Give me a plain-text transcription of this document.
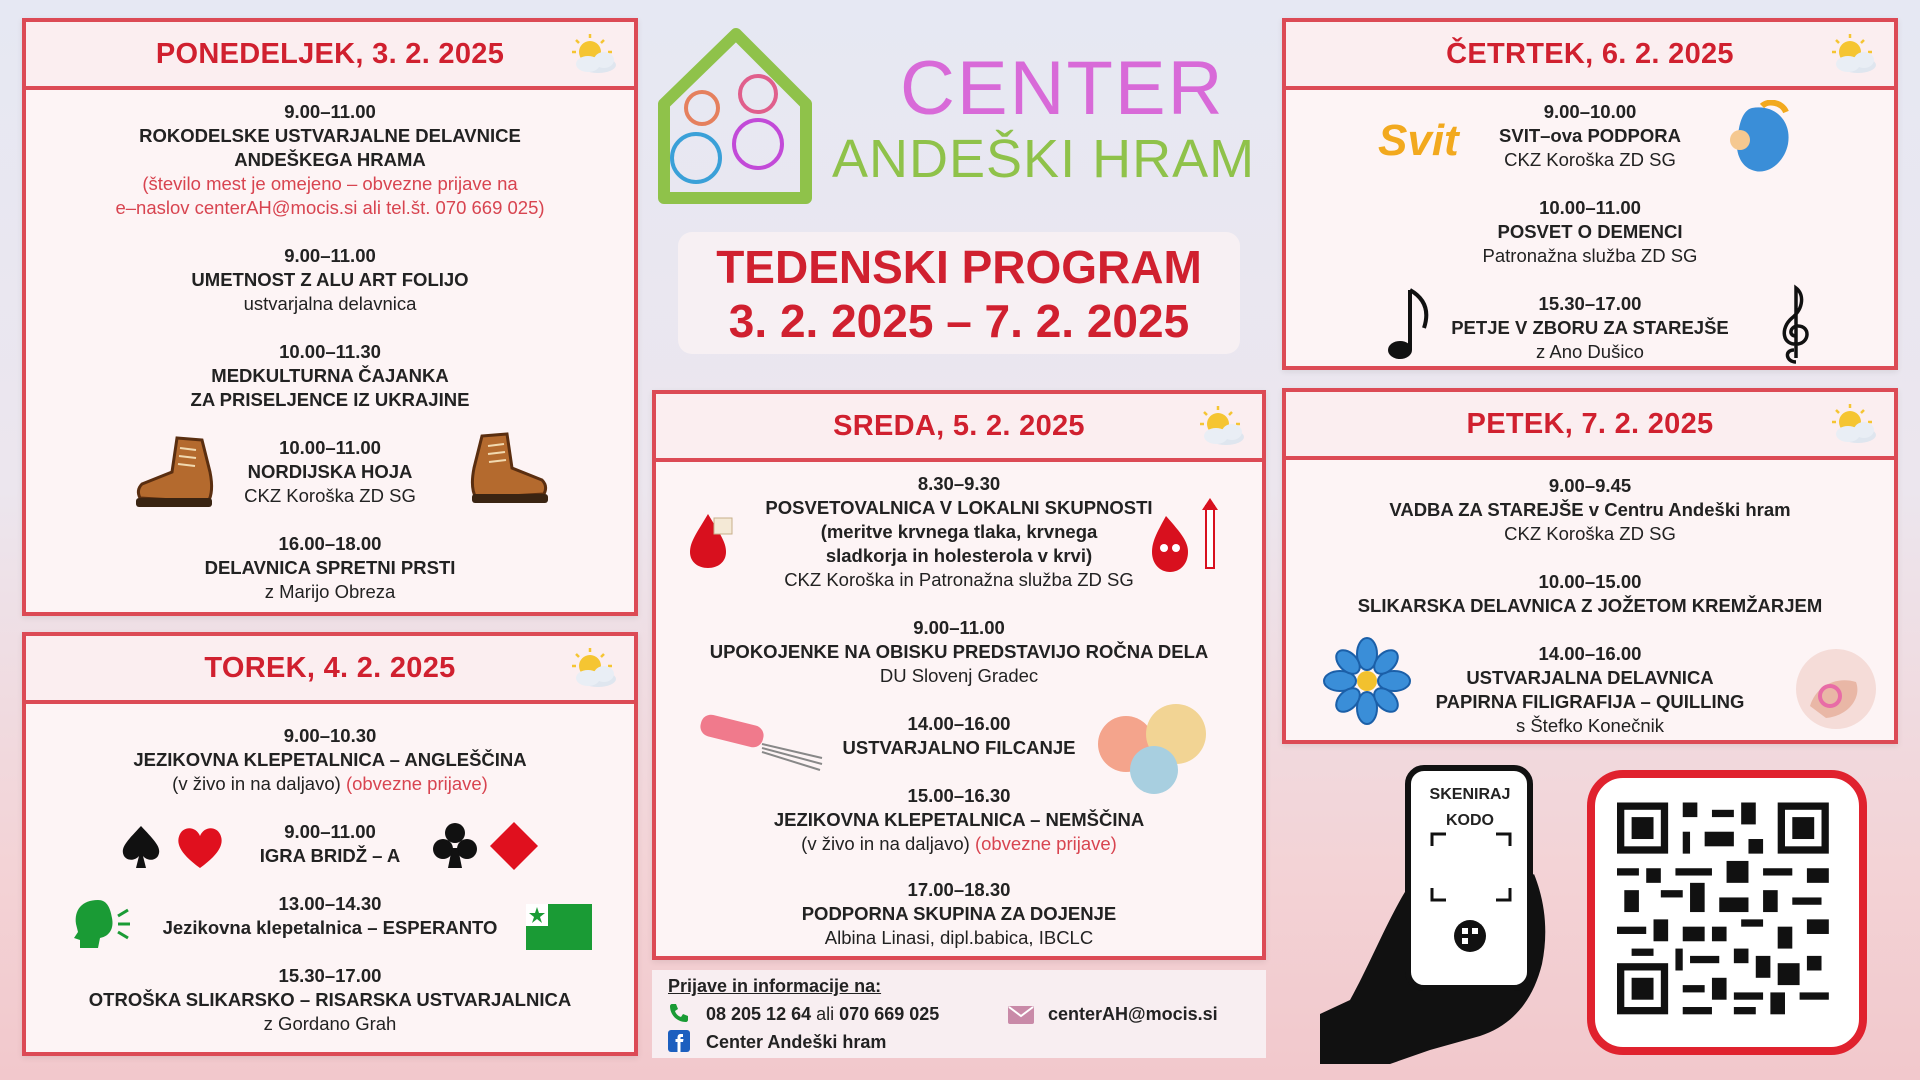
CENTER
ANDEŠKI HRAM
TEDENSKI PROGRAM
3. 2. 2025 – 7. 2. 2025
PONEDELJEK, 3. 2. 2025
9.00–11.00
ROKODELSKE USTVARJALNE DELAVNICE
ANDEŠKEGA HRAMA
(število mest je omejeno – obvezne prijave na
e–naslov centerAH@mocis.si ali tel.št. 070 669 025)
9.00–11.00
UMETNOST Z ALU ART FOLIJO
ustvarjalna delavnica
10.00–11.30
MEDKULTURNA ČAJANKA
ZA PRISELJENCE IZ UKRAJINE
10.00–11.00
NORDIJSKA HOJA
CKZ Koroška ZD SG
16.00–18.00
DELAVNICA SPRETNI PRSTI
z Marijo Obreza
TOREK, 4. 2. 2025
9.00–10.30
JEZIKOVNA KLEPETALNICA – ANGLEŠČINA
(v živo in na daljavo) (obvezne prijave)
9.00–11.00
IGRA BRIDŽ – A
13.00–14.30
Jezikovna klepetalnica – ESPERANTO
15.30–17.00
OTROŠKA SLIKARSKO – RISARSKA USTVARJALNICA
z Gordano Grah
SREDA, 5. 2. 2025
8.30–9.30
POSVETOVALNICA V LOKALNI SKUPNOSTI
(meritve krvnega tlaka, krvnega
sladkorja in holesterola v krvi)
CKZ Koroška in Patronažna služba ZD SG
9.00–11.00
UPOKOJENKE NA OBISKU PREDSTAVIJO ROČNA DELA
DU Slovenj Gradec
14.00–16.00
USTVARJALNO FILCANJE
15.00–16.30
JEZIKOVNA KLEPETALNICA – NEMŠČINA
(v živo in na daljavo) (obvezne prijave)
17.00–18.30
PODPORNA SKUPINA ZA DOJENJE
Albina Linasi, dipl.babica, IBCLC
ČETRTEK, 6. 2. 2025
Svit
9.00–10.00
SVIT–ova PODPORA
CKZ Koroška ZD SG
10.00–11.00
POSVET O DEMENCI
Patronažna služba ZD SG
15.30–17.00
PETJE V ZBORU ZA STAREJŠE
z Ano Dušico
PETEK, 7. 2. 2025
9.00–9.45
VADBA ZA STAREJŠE v Centru Andeški hram
CKZ Koroška ZD SG
10.00–15.00
SLIKARSKA DELAVNICA Z JOŽETOM KREMŽARJEM
14.00–16.00
USTVARJALNA DELAVNICA
PAPIRNA FILIGRAFIJA – QUILLING
s Štefko Konečnik
Prijave in informacije na:
08 205 12 64 ali 070 669 025
Center Andeški hram
centerAH@mocis.si
SKENIRAJ
KODO
